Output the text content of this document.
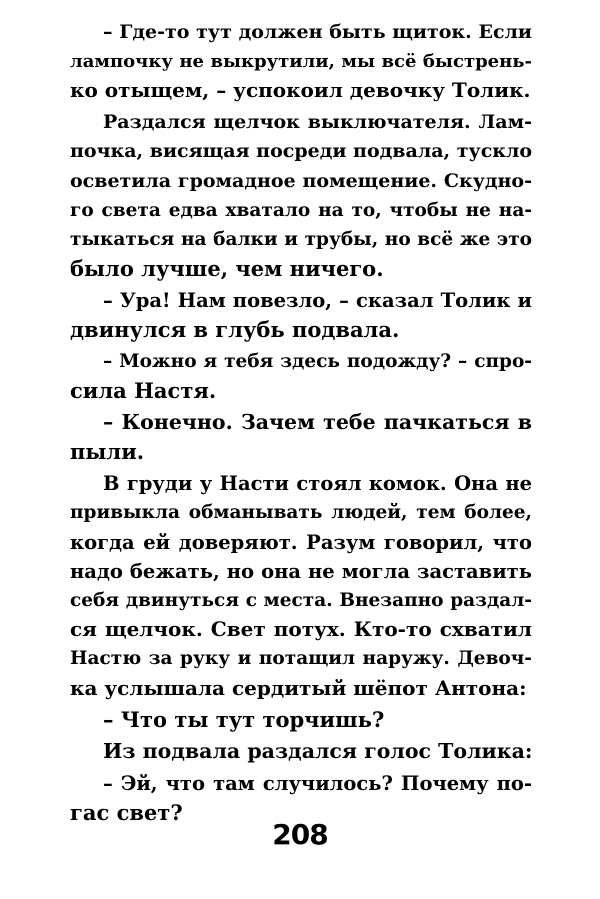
– Где-то тут должен быть щиток. Если
лампочку не выкрутили, мы всё быстрень-
ко отыщем, – успокоил девочку Толик.
Раздался щелчок выключателя. Лам-
почка, висящая посреди подвала, тускло
осветила громадное помещение. Скудно-
го света едва хватало на то, чтобы не на-
тыкаться на балки и трубы, но всё же это
было лучше, чем ничего.
– Ура! Нам повезло, – сказал Толик и
двинулся в глубь подвала.
– Можно я тебя здесь подожду? – спро-
сила Настя.
– Конечно. Зачем тебе пачкаться в
пыли.
В груди у Насти стоял комок. Она не
привыкла обманывать людей, тем более,
когда ей доверяют. Разум говорил, что
надо бежать, но она не могла заставить
себя двинуться с места. Внезапно раздал-
ся щелчок. Свет потух. Кто-то схватил
Настю за руку и потащил наружу. Девоч-
ка услышала сердитый шёпот Антона:
– Что ты тут торчишь?
Из подвала раздался голос Толика:
– Эй, что там случилось? Почему по-
гас свет?
208
